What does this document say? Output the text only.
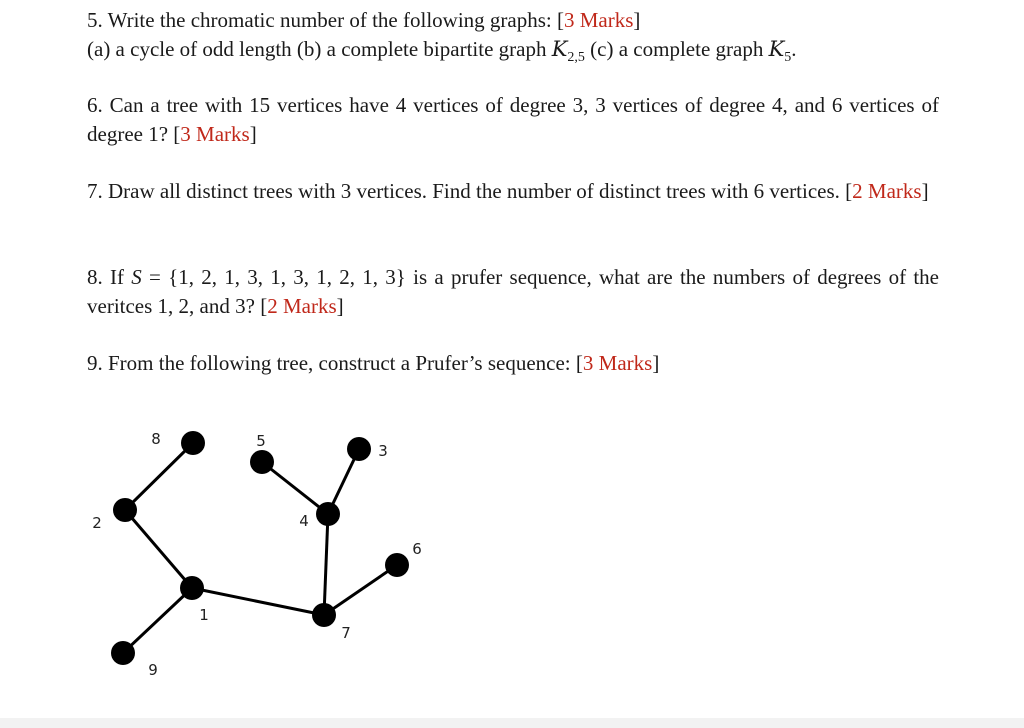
5. Write the chromatic number of the following graphs: [3 Marks]
(a) a cycle of odd length (b) a complete bipartite graph $K_{2,5}$ (c) a complete graph $K_5$.

6. Can a tree with 15 vertices have 4 vertices of degree 3, 3 vertices of degree 4, and 6 vertices of degree 1? [3 Marks]

7. Draw all distinct trees with 3 vertices. Find the number of distinct trees with 6 vertices. [2 Marks]

8. If S = {1, 2, 1, 3, 1, 3, 1, 2, 1, 3} is a prufer sequence, what are the numbers of degrees of the veritces 1, 2, and 3? [2 Marks]

9. From the following tree, construct a Prufer’s sequence: [3 Marks]

1
2
3
4
5
6
7
8
9
